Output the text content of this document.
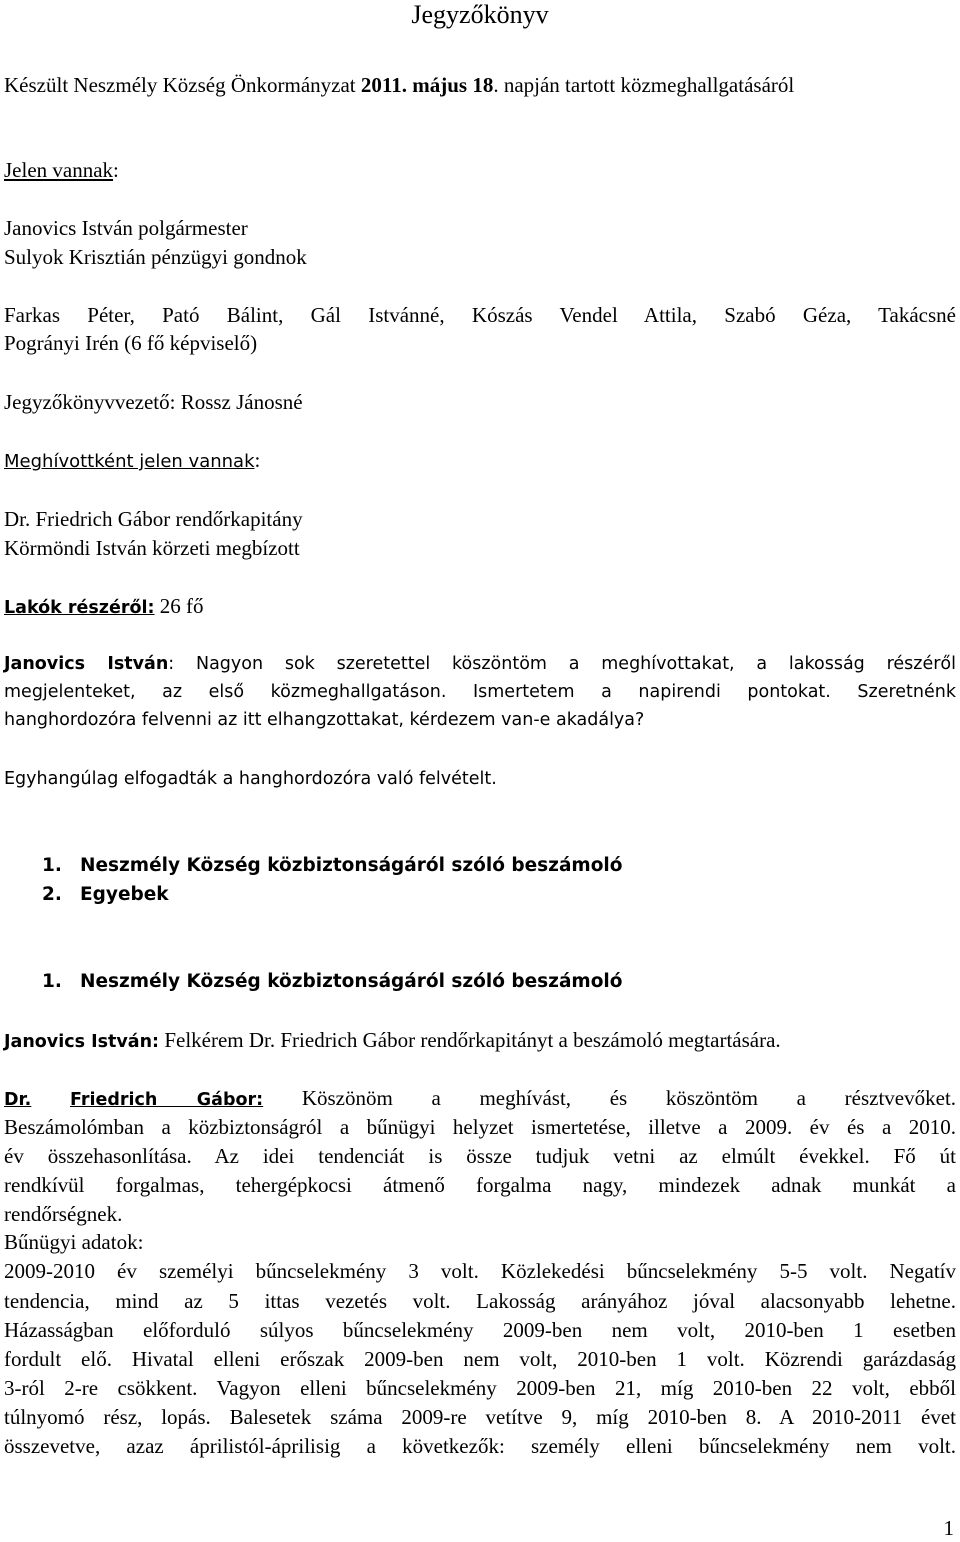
Jegyzőkönyv

Készült Neszmély Község Önkormányzat 2011. május 18. napján tartott közmeghallgatásáról

Jelen vannak:

Janovics István polgármester

Sulyok Krisztián pénzügyi gondnok

Farkas Péter, Pató Bálint, Gál Istvánné, Kószás Vendel Attila, Szabó Géza, Takácsné

Pogrányi Irén (6 fő képviselő)

Jegyzőkönyvvezető: Rossz Jánosné

Meghívottként jelen vannak:

Dr. Friedrich Gábor rendőrkapitány

Körmöndi István körzeti megbízott

Lakók részéről: 26 fő

Janovics István: Nagyon sok szeretettel köszöntöm a meghívottakat, a lakosság részéről
megjelenteket, az első közmeghallgatáson. Ismertetem a napirendi pontokat. Szeretnénk

hanghordozóra felvenni az itt elhangzottakat, kérdezem van-e akadálya?

Egyhangúlag elfogadták a hanghordozóra való felvételt.

1. Neszmély Község közbiztonságáról szóló beszámoló
2. Egyebek
1. Neszmély Község közbiztonságáról szóló beszámoló

Janovics István: Felkérem Dr. Friedrich Gábor rendőrkapitányt a beszámoló megtartására.

Dr. Friedrich Gábor: Köszönöm a meghívást, és köszöntöm a résztvevőket.
Beszámolómban a közbiztonságról a bűnügyi helyzet ismertetése, illetve a 2009. év és a 2010.
év összehasonlítása. Az idei tendenciát is össze tudjuk vetni az elmúlt évekkel. Fő út
rendkívül forgalmas, tehergépkocsi átmenő forgalma nagy, mindezek adnak munkát a

rendőrségnek.

Bűnügyi adatok:

2009-2010 év személyi bűncselekmény 3 volt. Közlekedési bűncselekmény 5-5 volt. Negatív
tendencia, mind az 5 ittas vezetés volt. Lakosság arányához jóval alacsonyabb lehetne.
Házasságban előforduló súlyos bűncselekmény 2009-ben nem volt, 2010-ben 1 esetben
fordult elő. Hivatal elleni erőszak 2009-ben nem volt, 2010-ben 1 volt. Közrendi garázdaság
3-ról 2-re csökkent. Vagyon elleni bűncselekmény 2009-ben 21, míg 2010-ben 22 volt, ebből
túlnyomó rész, lopás. Balesetek száma 2009-re vetítve 9, míg 2010-ben 8. A 2010-2011 évet
összevetve, azaz áprilistól-áprilisig a következők: személy elleni bűncselekmény nem volt.
1
